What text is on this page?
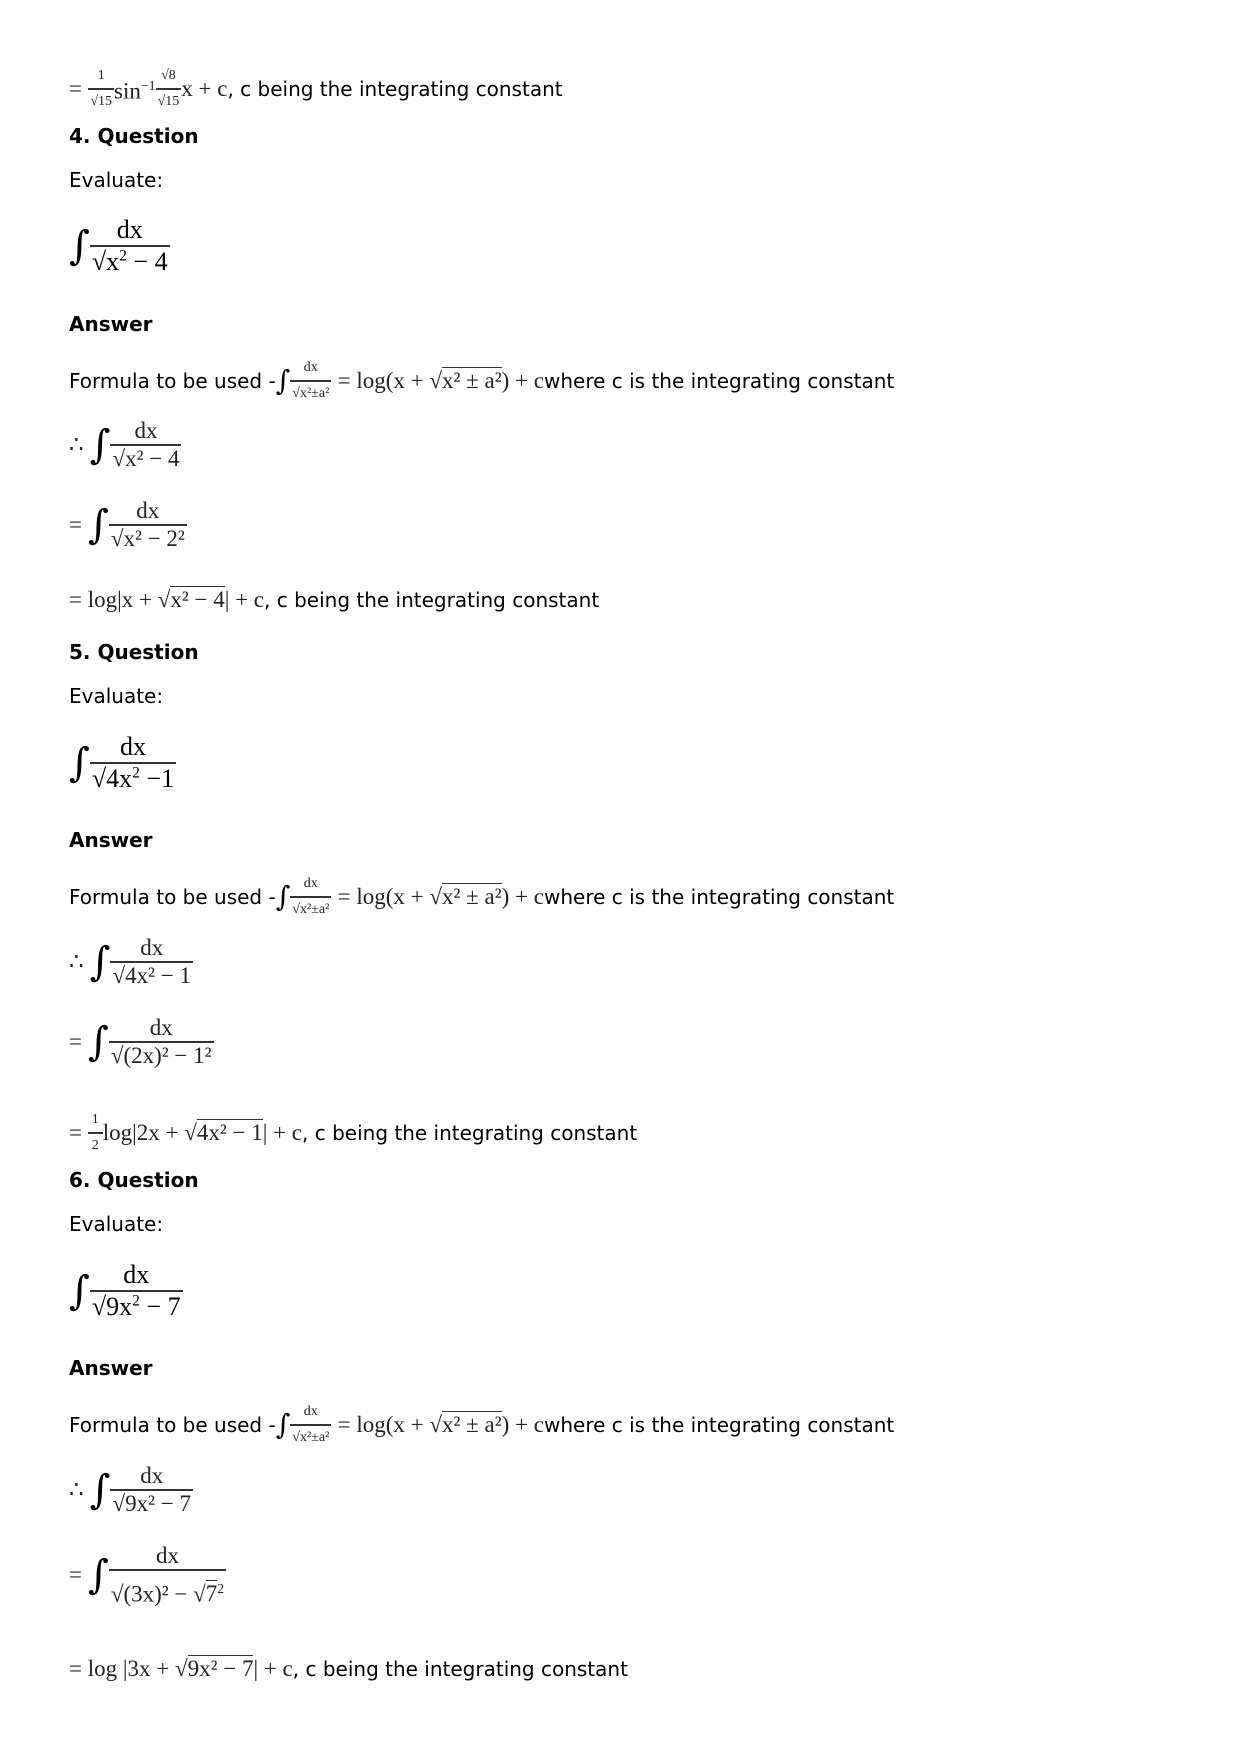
=
$\frac{1}{√15} \sin^{-1} \frac{√8}{√15}$ x + c , c being the integrating constant
4. Question
Evaluate:
∫ $\frac{dx}{√x^2 - 4}$
Answer
Formula to be used - ∫ $\frac{dx}{\text{√x²±a²}}$
= log(x + √x² ± a²) + c where c is the integrating constant
∴ ∫ $\frac{dx}{\text{√x² − 4}}$
= ∫ $\frac{dx}{\text{√x² − 2²}}$
= log|x + √x² − 4| + c , c being the integrating constant
5. Question
Evaluate:
∫ $\frac{dx}{√4x^2 -1}$
Answer
Formula to be used - ∫ $\frac{dx}{\text{√x²±a²}}$
= log(x + √x² ± a²) + c where c is the integrating constant
∴ ∫ $\frac{dx}{\text{√4x² − 1}}$
= ∫ $\frac{dx}{\text{√(2x)² − 1²}}$
= $\frac{1}{2} \log|2x + √4x^2 - 1| + c$ , c being the integrating constant
6. Question
Evaluate:
∫ $\frac{dx}{√9x^2 - 7}$
Answer
Formula to be used - ∫ $\frac{dx}{\text{√x²±a²}}$
= log(x + √x² ± a²) + c where c is the integrating constant
∴ ∫ $\frac{dx}{\text{√9x² − 7}}$
= ∫ $\frac{dx}{√(3x)^2 - √7^2}$
= log |3x + √9x² − 7| + c , c being the integrating constant
